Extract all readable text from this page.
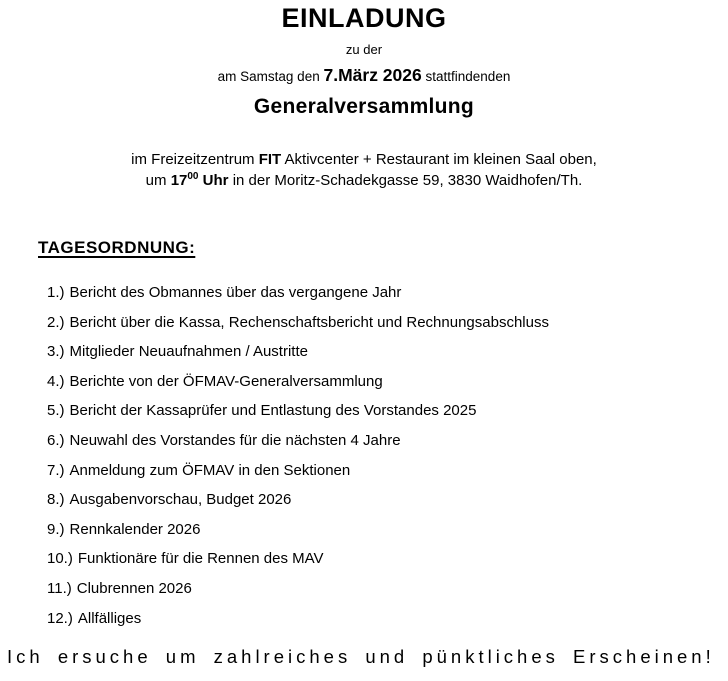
EINLADUNG
zu der
am Samstag den 7.März 2026 stattfindenden
Generalversammlung
im Freizeitzentrum FIT Aktivcenter + Restaurant im kleinen Saal oben,
um $17^{00}$ Uhr in der Moritz-Schadekgasse 59, 3830 Waidhofen/Th.
TAGESORDNUNG:
1.) Bericht des Obmannes über das vergangene Jahr
2.) Bericht über die Kassa, Rechenschaftsbericht und Rechnungsabschluss
3.) Mitglieder Neuaufnahmen / Austritte
4.) Berichte von der ÖFMAV-Generalversammlung
5.) Bericht der Kassaprüfer und Entlastung des Vorstandes 2025
6.) Neuwahl des Vorstandes für die nächsten 4 Jahre
7.) Anmeldung zum ÖFMAV in den Sektionen
8.) Ausgabenvorschau, Budget 2026
9.) Rennkalender 2026
10.) Funktionäre für die Rennen des MAV
11.) Clubrennen 2026
12.) Allfälliges
Ich ersuche um zahlreiches und pünktliches Erscheinen!
